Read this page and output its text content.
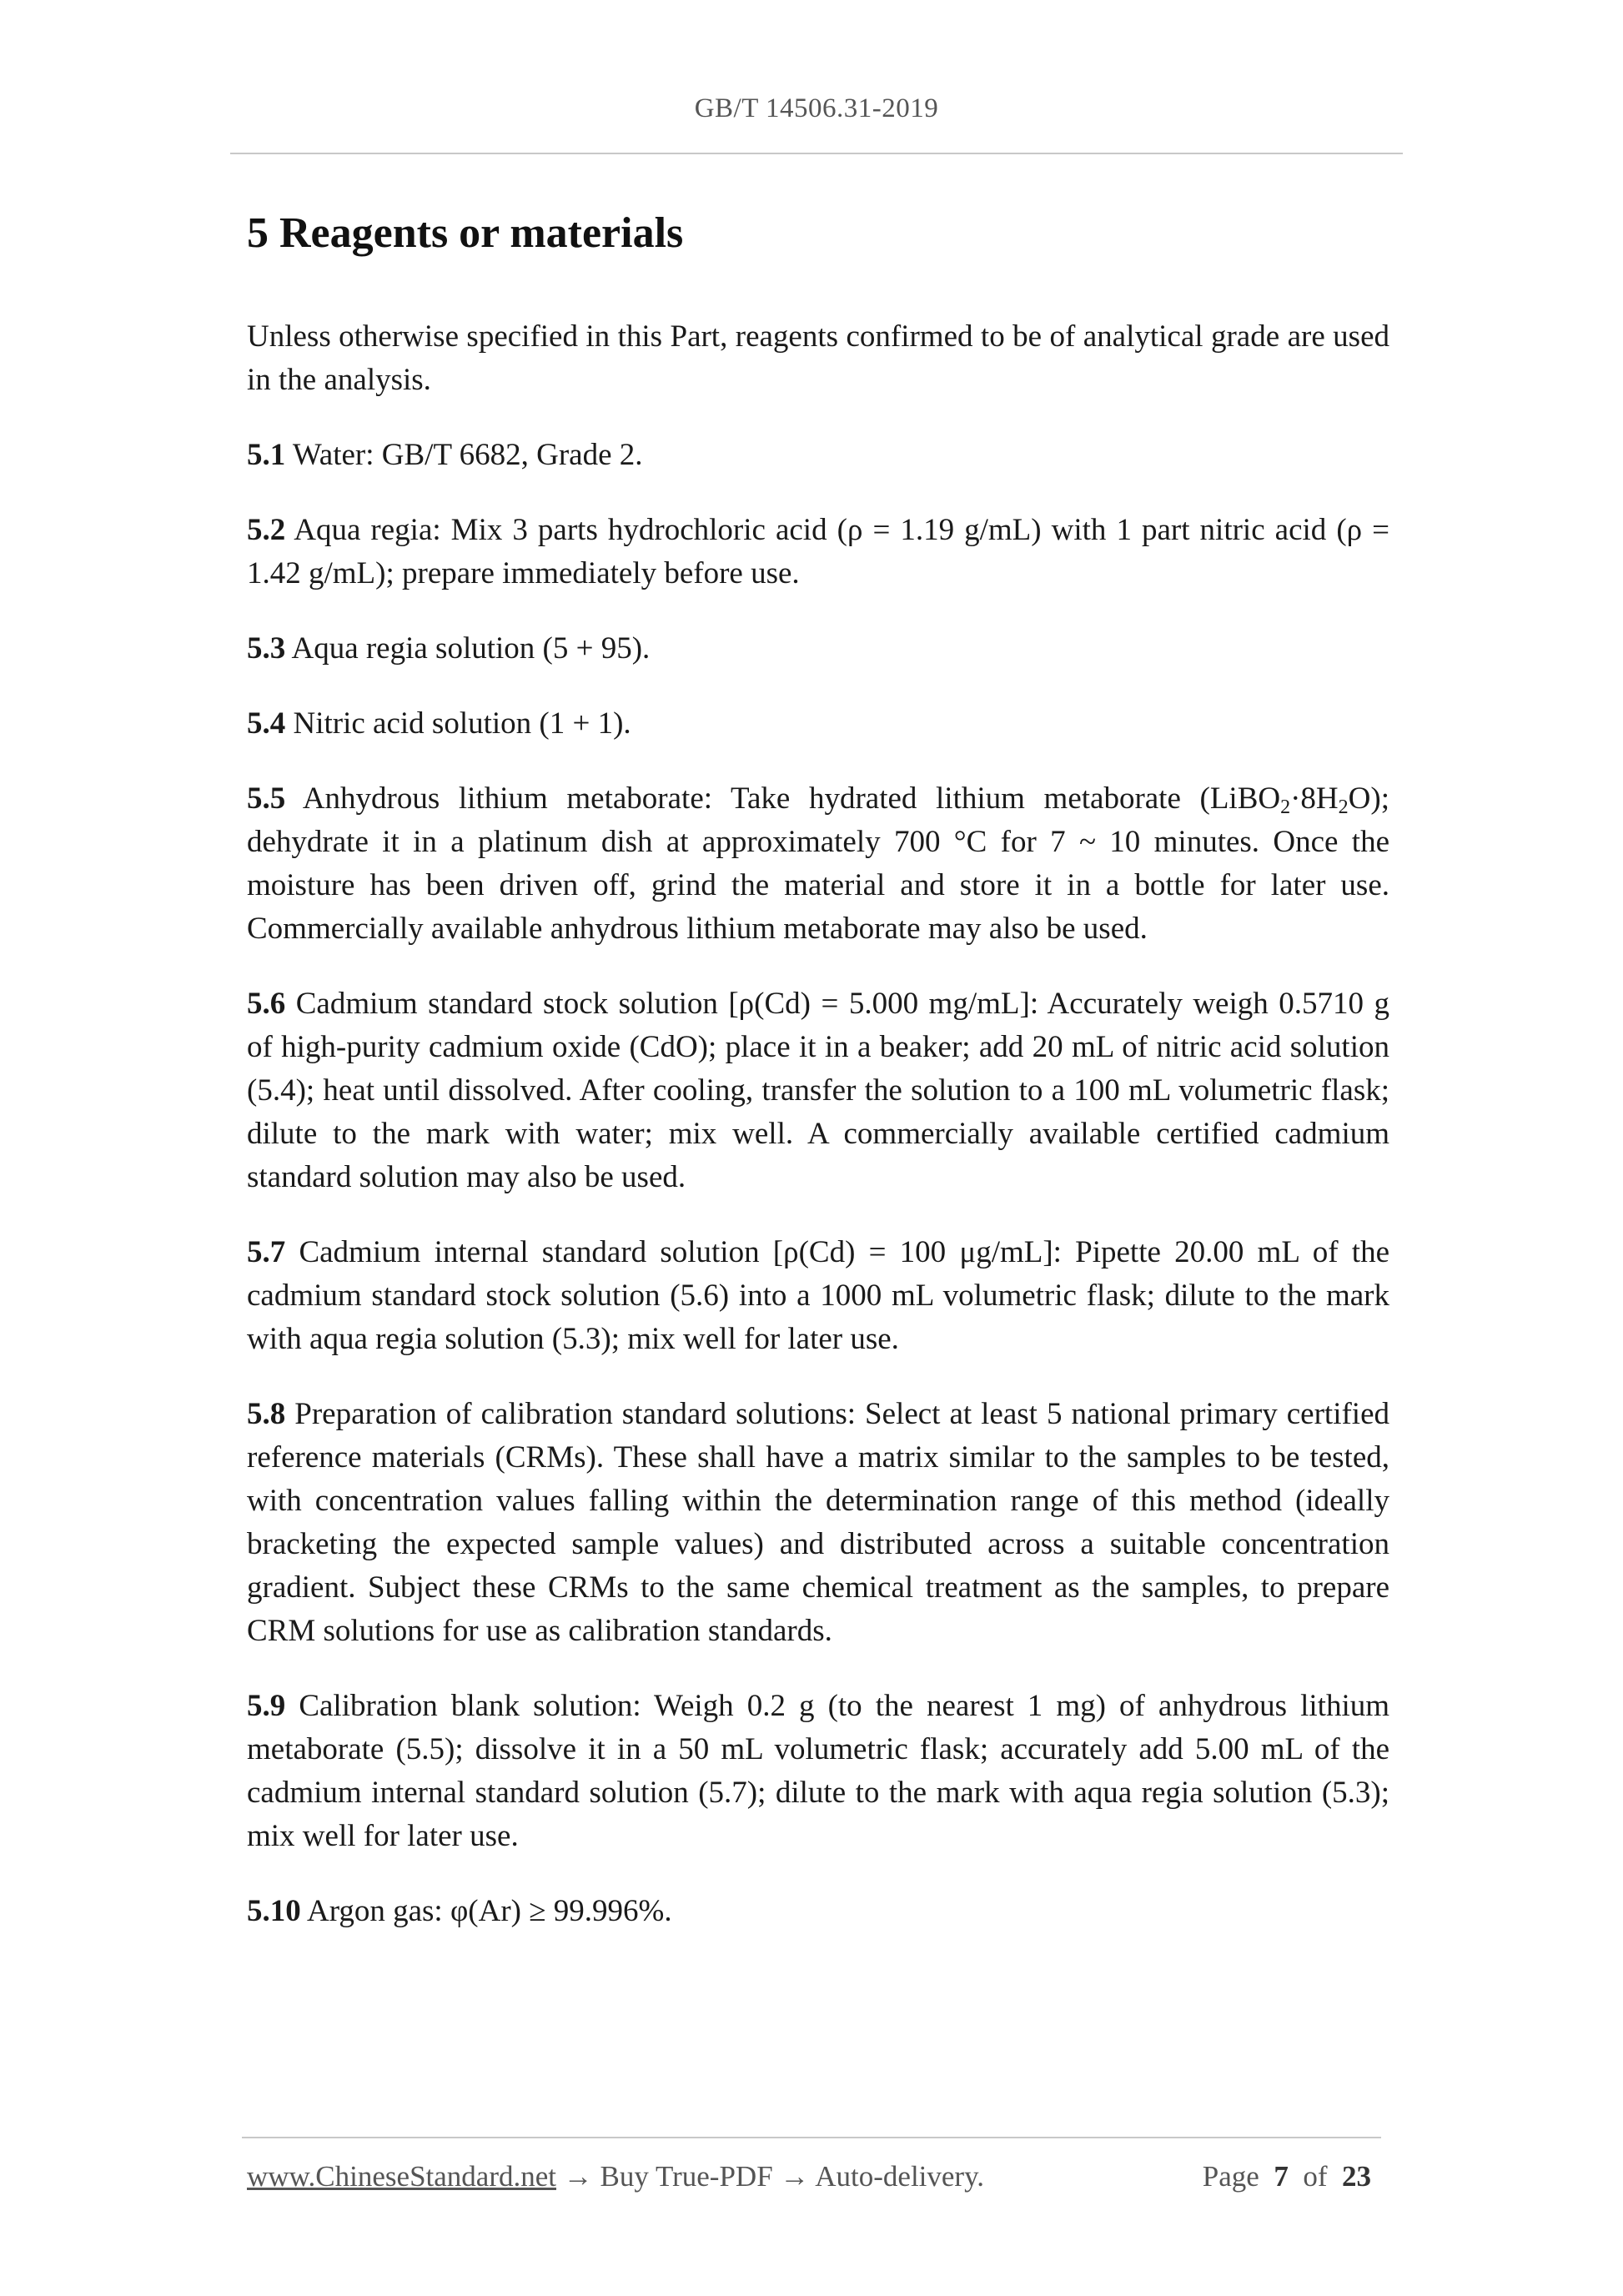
GB/T 14506.31-2019
5 Reagents or materials

Unless otherwise specified in this Part, reagents confirmed to be of analytical grade are used in the analysis.

5.1 Water: GB/T 6682, Grade 2.

5.2 Aqua regia: Mix 3 parts hydrochloric acid (ρ = 1.19 g/mL) with 1 part nitric acid (ρ = 1.42 g/mL); prepare immediately before use.

5.3 Aqua regia solution (5 + 95).

5.4 Nitric acid solution (1 + 1).

5.5 Anhydrous lithium metaborate: Take hydrated lithium metaborate $(LiBO_2\cdot 8H_2O)$; dehydrate it in a platinum dish at approximately 700 °C for 7 ~ 10 minutes. Once the moisture has been driven off, grind the material and store it in a bottle for later use. Commercially available anhydrous lithium metaborate may also be used.

5.6 Cadmium standard stock solution [ρ(Cd) = 5.000 mg/mL]: Accurately weigh 0.5710 g of high-purity cadmium oxide (CdO); place it in a beaker; add 20 mL of nitric acid solution (5.4); heat until dissolved. After cooling, transfer the solution to a 100 mL volumetric flask; dilute to the mark with water; mix well. A commercially available certified cadmium standard solution may also be used.

5.7 Cadmium internal standard solution [ρ(Cd) = 100 μg/mL]: Pipette 20.00 mL of the cadmium standard stock solution (5.6) into a 1000 mL volumetric flask; dilute to the mark with aqua regia solution (5.3); mix well for later use.

5.8 Preparation of calibration standard solutions: Select at least 5 national primary certified reference materials (CRMs). These shall have a matrix similar to the samples to be tested, with concentration values falling within the determination range of this method (ideally bracketing the expected sample values) and distributed across a suitable concentration gradient. Subject these CRMs to the same chemical treatment as the samples, to prepare CRM solutions for use as calibration standards.

5.9 Calibration blank solution: Weigh 0.2 g (to the nearest 1 mg) of anhydrous lithium metaborate (5.5); dissolve it in a 50 mL volumetric flask; accurately add 5.00 mL of the cadmium internal standard solution (5.7); dilute to the mark with aqua regia solution (5.3); mix well for later use.

5.10 Argon gas: φ(Ar) ≥ 99.996%.

www.ChineseStandard.net → Buy True-PDF → Auto-delivery.	Page 7 of 23
